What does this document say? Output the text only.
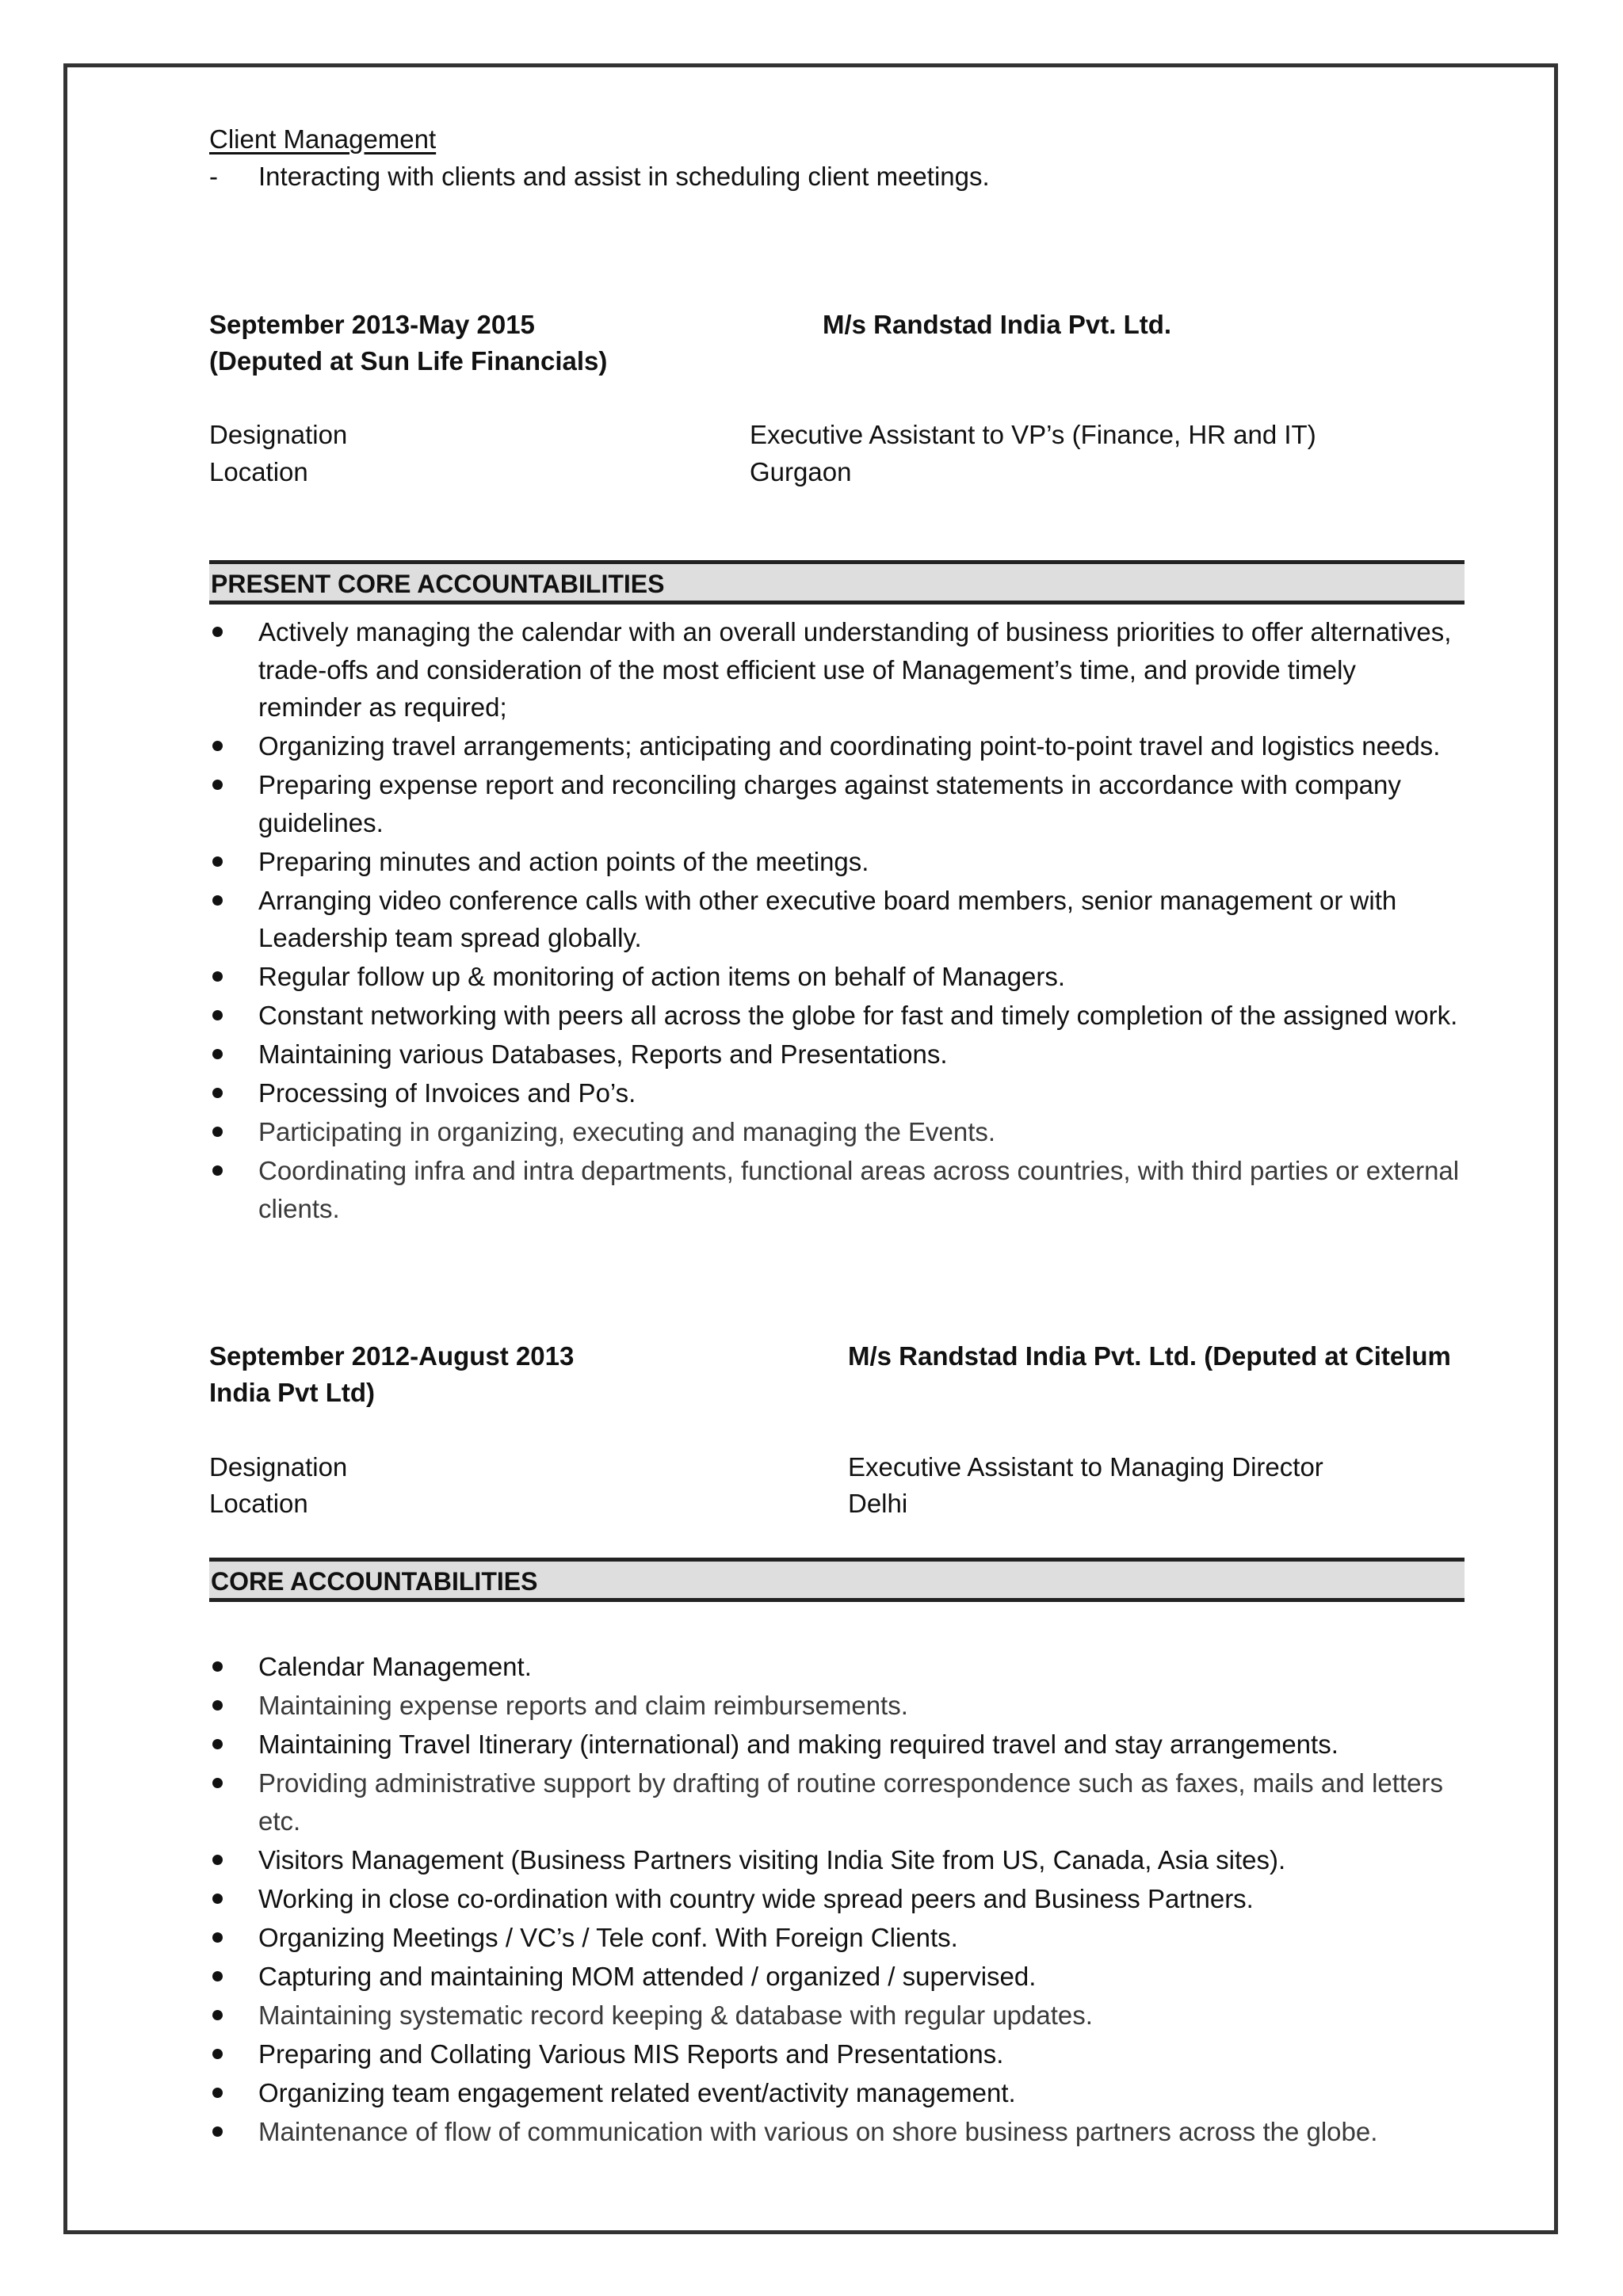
Client Management
- Interacting with clients and assist in scheduling client meetings.
September 2013-May 2015	M/s Randstad India Pvt. Ltd.
(Deputed at Sun Life Financials)
Designation	Executive Assistant to VP’s (Finance, HR and IT)
Location	Gurgaon
PRESENT CORE ACCOUNTABILITIES
Actively managing the calendar with an overall understanding of business priorities to offer alternatives, trade-offs and consideration of the most efficient use of Management’s time, and provide timely reminder as required;
Organizing travel arrangements; anticipating and coordinating point-to-point travel and logistics needs.
Preparing expense report and reconciling charges against statements in accordance with company guidelines.
Preparing minutes and action points of the meetings.
Arranging video conference calls with other executive board members, senior management or with Leadership team spread globally.
Regular follow up & monitoring of action items on behalf of Managers.
Constant networking with peers all across the globe for fast and timely completion of the assigned work.
Maintaining various Databases, Reports and Presentations.
Processing of Invoices and Po’s.
Participating in organizing, executing and managing the Events.
Coordinating infra and intra departments, functional areas across countries, with third parties or external clients.
September 2012-August 2013	M/s Randstad India Pvt. Ltd. (Deputed at Citelum
India Pvt Ltd)
Designation	Executive Assistant to Managing Director
Location	Delhi
CORE ACCOUNTABILITIES
Calendar Management.
Maintaining expense reports and claim reimbursements.
Maintaining Travel Itinerary (international) and making required travel and stay arrangements.
Providing administrative support by drafting of routine correspondence such as faxes, mails and letters etc.
Visitors Management (Business Partners visiting India Site from US, Canada, Asia sites).
Working in close co-ordination with country wide spread peers and Business Partners.
Organizing Meetings / VC’s / Tele conf. With Foreign Clients.
Capturing and maintaining MOM attended / organized / supervised.
Maintaining systematic record keeping & database with regular updates.
Preparing and Collating Various MIS Reports and Presentations.
Organizing team engagement related event/activity management.
Maintenance of flow of communication with various on shore business partners across the globe.
